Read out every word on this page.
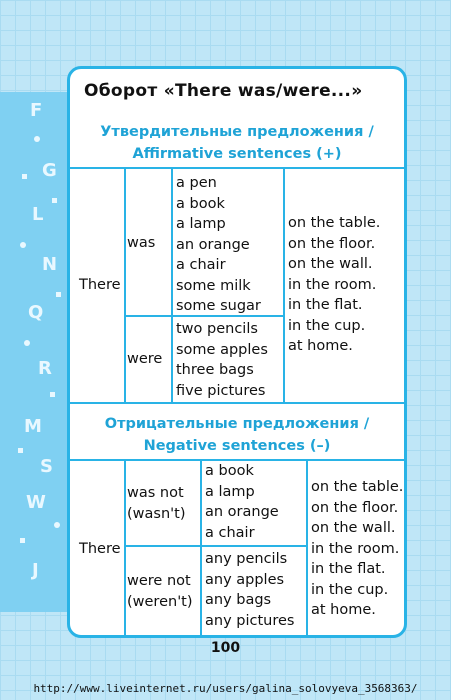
F
G
L
N
Q
R
M
S
W
J
Оборот «There was/were...»
Утвердительные предложения /
Affirmative sentences (+)
There
was
a pen
a book
a lamp
an orange
a chair
some milk
some sugar
were
two pencils
some apples
three bags
five pictures
on the table.
on the floor.
on the wall.
in the room.
in the flat.
in the cup.
at home.
Отрицательные предложения /
Negative sentences (–)
There
was not
(wasn't)
a book
a lamp
an orange
a chair
were not
(weren't)
any pencils
any apples
any bags
any pictures
on the table.
on the floor.
on the wall.
in the room.
in the flat.
in the cup.
at home.
100
http://www.liveinternet.ru/users/galina_solovyeva_3568363/
